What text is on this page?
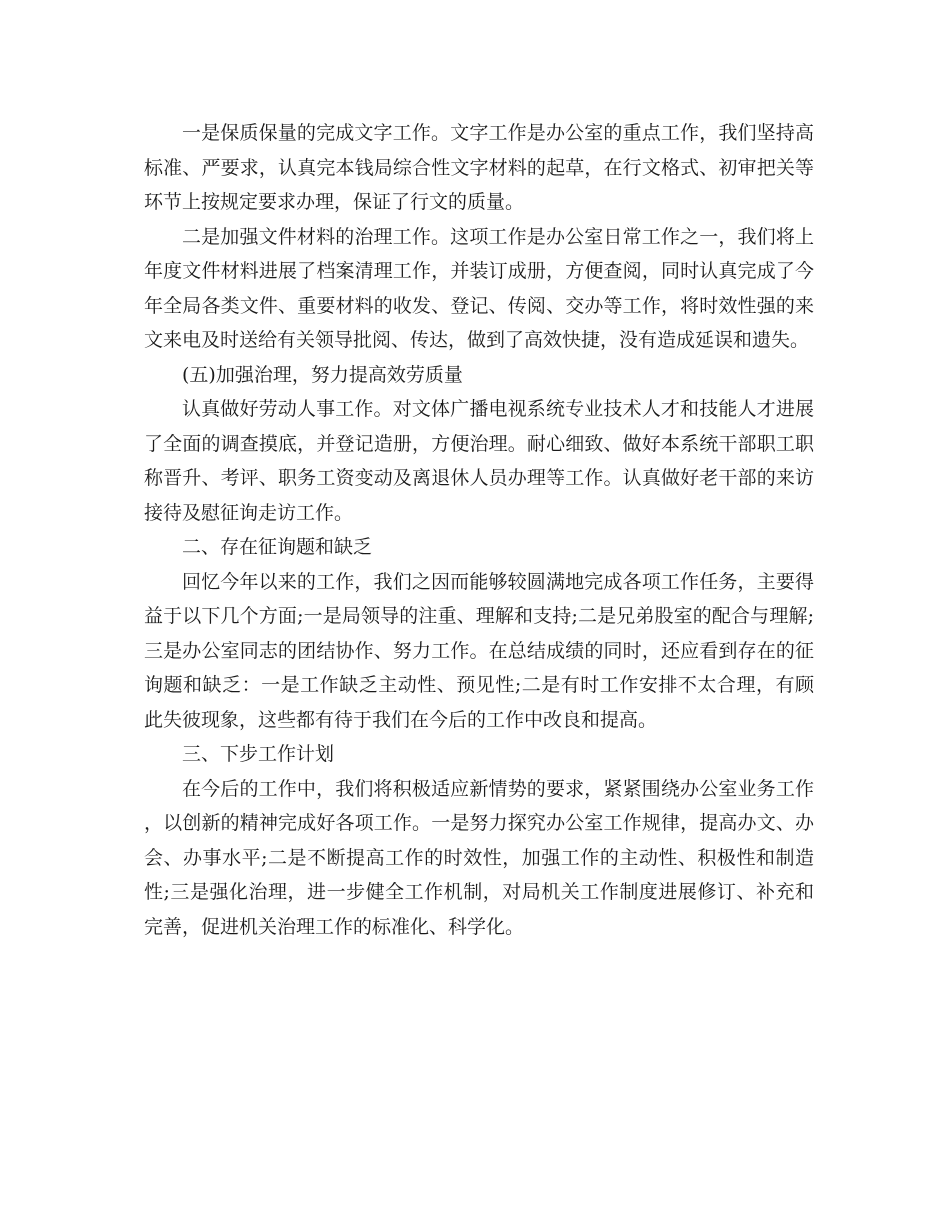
一是保质保量的完成文字工作。文字工作是办公室的重点工作，我们坚持高标准、严要求，认真完本钱局综合性文字材料的起草，在行文格式、初审把关等环节上按规定要求办理，保证了行文的质量。

二是加强文件材料的治理工作。这项工作是办公室日常工作之一，我们将上年度文件材料进展了档案清理工作，并装订成册，方便查阅，同时认真完成了今年全局各类文件、重要材料的收发、登记、传阅、交办等工作，将时效性强的来文来电及时送给有关领导批阅、传达，做到了高效快捷，没有造成延误和遗失。

(五)加强治理，努力提高效劳质量

认真做好劳动人事工作。对文体广播电视系统专业技术人才和技能人才进展了全面的调查摸底，并登记造册，方便治理。耐心细致、做好本系统干部职工职称晋升、考评、职务工资变动及离退休人员办理等工作。认真做好老干部的来访接待及慰征询走访工作。

二、存在征询题和缺乏

回忆今年以来的工作，我们之因而能够较圆满地完成各项工作任务，主要得益于以下几个方面;一是局领导的注重、理解和支持;二是兄弟股室的配合与理解;三是办公室同志的团结协作、努力工作。在总结成绩的同时，还应看到存在的征询题和缺乏：一是工作缺乏主动性、预见性;二是有时工作安排不太合理，有顾此失彼现象，这些都有待于我们在今后的工作中改良和提高。

三、下步工作计划

在今后的工作中，我们将积极适应新情势的要求，紧紧围绕办公室业务工作，以创新的精神完成好各项工作。一是努力探究办公室工作规律，提高办文、办会、办事水平;二是不断提高工作的时效性，加强工作的主动性、积极性和制造性;三是强化治理，进一步健全工作机制，对局机关工作制度进展修订、补充和完善，促进机关治理工作的标准化、科学化。
